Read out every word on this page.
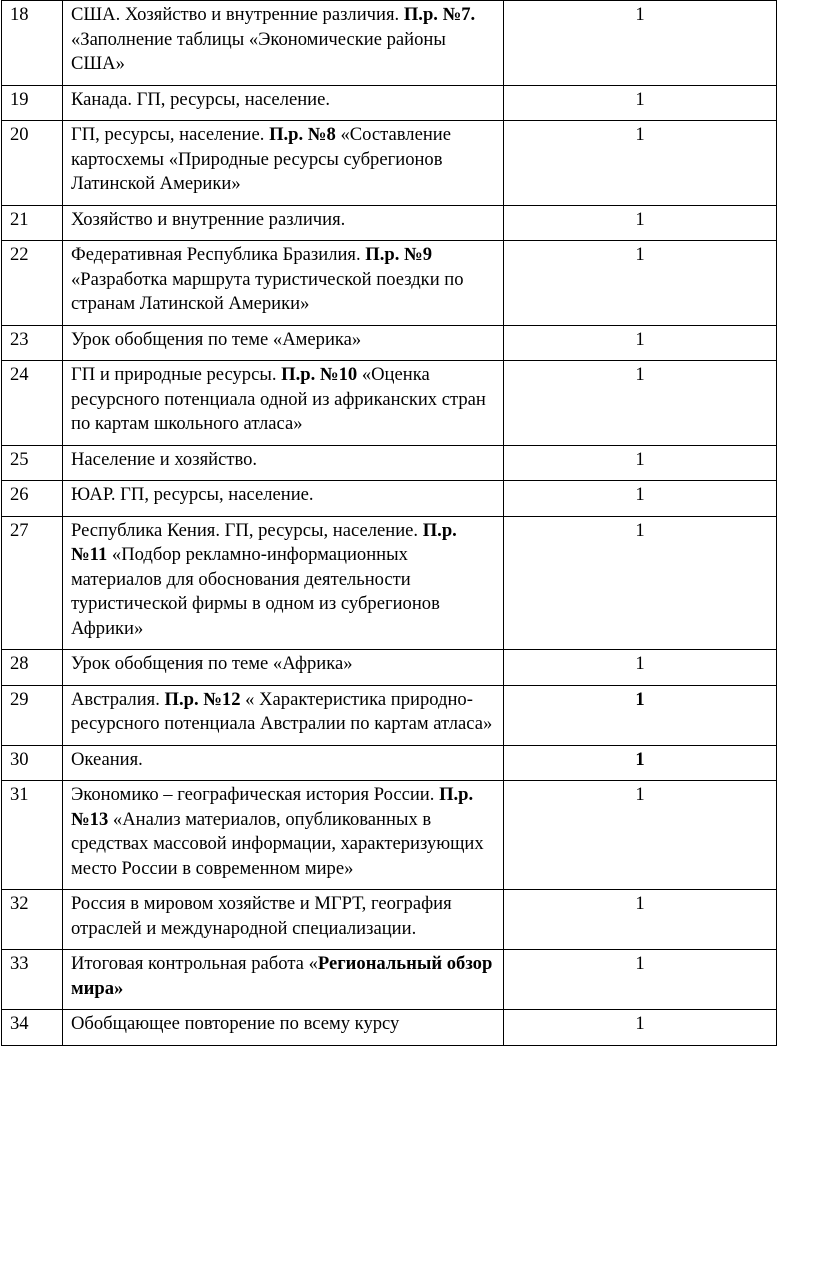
18	США. Хозяйство и внутренние различия. П.р. №7. «Заполнение таблицы «Экономические районы США»	1
19	Канада. ГП, ресурсы, население.	1
20	ГП, ресурсы, население. П.р. №8 «Составление картосхемы «Природные ресурсы субрегионов Латинской Америки»	1
21	Хозяйство и внутренние различия.	1
22	Федеративная Республика Бразилия. П.р. №9 «Разработка маршрута туристической поездки по странам Латинской Америки»	1
23	Урок обобщения по теме «Америка»	1
24	ГП и природные ресурсы. П.р. №10 «Оценка ресурсного потенциала одной из африканских стран по картам школьного атласа»	1
25	Население и хозяйство.	1
26	ЮАР. ГП, ресурсы, население.	1
27	Республика Кения. ГП, ресурсы, население. П.р. №11 «Подбор рекламно-информационных материалов для обоснования деятельности туристической фирмы в одном из субрегионов Африки»	1
28	Урок обобщения по теме «Африка»	1
29	Австралия. П.р. №12 « Характеристика природно-ресурсного потенциала Австралии по картам атласа»	1
30	Океания.	1
31	Экономико – географическая история России. П.р. №13 «Анализ материалов, опубликованных в средствах массовой информации, характеризующих место России в современном мире»	1
32	Россия в мировом хозяйстве и МГРТ, география отраслей и международной специализации.	1
33	Итоговая контрольная работа «Региональный обзор мира»	1
34	Обобщающее повторение по всему курсу	1
